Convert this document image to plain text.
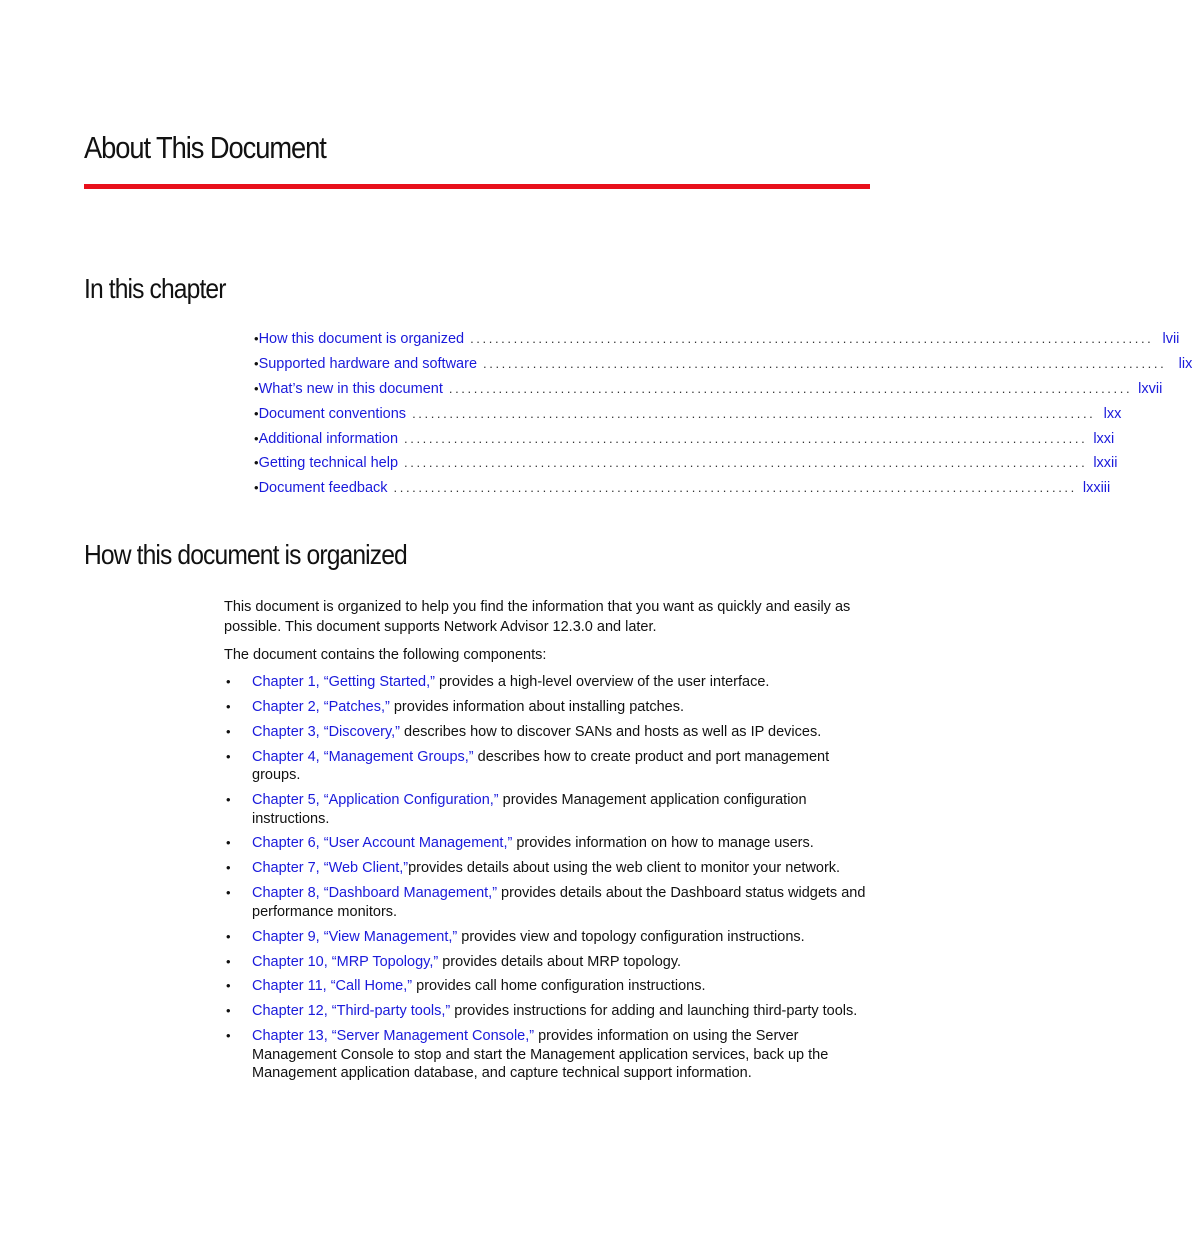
About This Document
In this chapter
• How this document is organized .............................................................................................................. lvii
• Supported hardware and software .............................................................................................................. lix
• What’s new in this document .............................................................................................................. lxvii
• Document conventions .............................................................................................................. lxx
• Additional information .............................................................................................................. lxxi
• Getting technical help .............................................................................................................. lxxii
• Document feedback .............................................................................................................. lxxiii
How this document is organized
This document is organized to help you find the information that you want as quickly and easily as possible. This document supports Network Advisor 12.3.0 and later.
The document contains the following components:
• Chapter 1, “Getting Started,” provides a high-level overview of the user interface.
• Chapter 2, “Patches,” provides information about installing patches.
• Chapter 3, “Discovery,” describes how to discover SANs and hosts as well as IP devices.
• Chapter 4, “Management Groups,” describes how to create product and port management groups.
• Chapter 5, “Application Configuration,” provides Management application configuration instructions.
• Chapter 6, “User Account Management,” provides information on how to manage users.
• Chapter 7, “Web Client,”provides details about using the web client to monitor your network.
• Chapter 8, “Dashboard Management,” provides details about the Dashboard status widgets and performance monitors.
• Chapter 9, “View Management,” provides view and topology configuration instructions.
• Chapter 10, “MRP Topology,” provides details about MRP topology.
• Chapter 11, “Call Home,” provides call home configuration instructions.
• Chapter 12, “Third-party tools,” provides instructions for adding and launching third-party tools.
• Chapter 13, “Server Management Console,” provides information on using the Server Management Console to stop and start the Management application services, back up the Management application database, and capture technical support information.
